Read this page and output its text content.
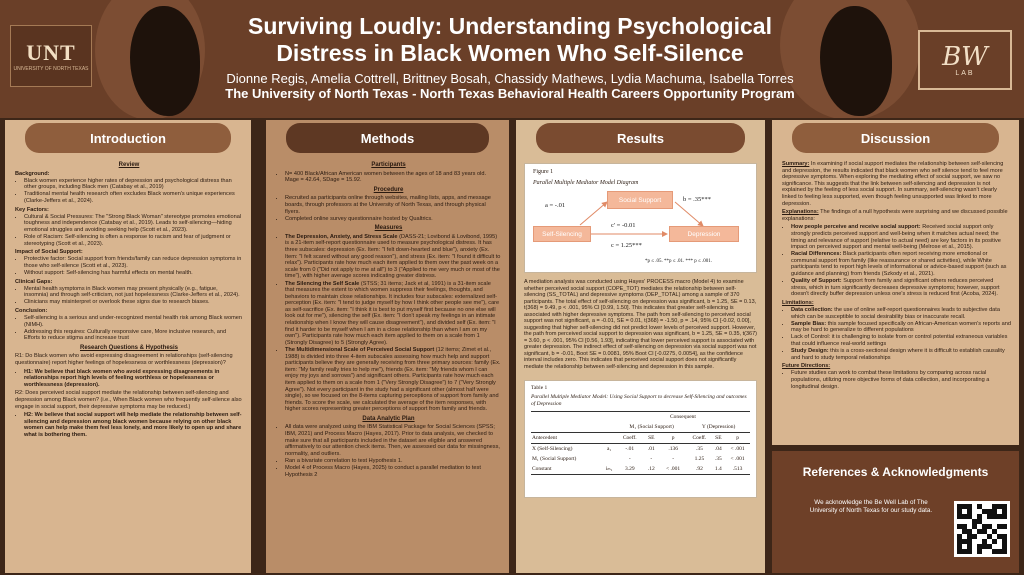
UNT
UNIVERSITY OF NORTH TEXAS	BW
LAB
Surviving Loudly: Understanding Psychological Distress in Black Women Who Self-Silence
Dionne Regis, Amelia Cottrell, Brittney Bosah, Chassidy Mathews, Lydia Machuma, Isabella Torres
The University of North Texas - North Texas Behavioral Health Careers Opportunity Program
Introduction
Review
Background:
• Black women experience higher rates of depression and psychological distress than other groups, including Black men (Catabay et al., 2019)
• Traditional mental health research often excludes Black women's unique experiences (Clarke-Jeffers et al., 2024).
Key Factors:
• Cultural & Social Pressures: The "Strong Black Woman" stereotype promotes emotional toughness and independence (Catabay et al., 2019). Leads to self-silencing—hiding emotional struggles and avoiding seeking help (Scott et al., 2023).
• Role of Racism: Self-silencing is often a response to racism and fear of judgment or stereotyping (Scott et al., 2023).
Impact of Social Support:
• Protective factor: Social support from friends/family can reduce depression symptoms in those who self-silence (Scott et al., 2023).
• Without support: Self-silencing has harmful effects on mental health.
Clinical Gaps:
• Mental health symptoms in Black women may present physically (e.g., fatigue, insomnia) and through self-criticism, not just hopelessness (Clarke-Jeffers et al., 2024).
• Clinicians may misinterpret or overlook these signs due to research biases.
Conclusion:
• Self-silencing is a serious and under-recognized mental health risk among Black women (NIMH).
• Addressing this requires: Culturally responsive care, More inclusive research, and Efforts to reduce stigma and increase trust
Research Questions & Hypothesis

R1: Do Black women who avoid expressing disagreement in relationships (self-silencing questionnaire) report higher feelings of hopelessness or worthlessness (depression)?

• H1: We believe that black women who avoid expressing disagreements in relationships report high levels of feeling worthless or hopelessness or worthlessness (depression).

R2: Does perceived social support mediate the relationship between self-silencing and depression among Black women? (i.e., When Black women who frequently self-silence also engage in social support, their depressive symptoms may be reduced.)

• H2: We believe that social support will help mediate the relationship between self-silencing and depression among black women because relying on other black women can help make them feel less lonely, and more likely to open up and share what is bothering them.
Methods
Participants
• N= 400 Black/African American women between the ages of 18 and 83 years old. Mage = 42.64, SDage = 15.92.
Procedure
• Recruited as participants online through websites, mailing lists, apps, and message boards, through professors at the University of North Texas, and through physical flyers.
• Completed online survey questionnaire hosted by Qualtrics.
Measures
• The Depression, Anxiety, and Stress Scale (DASS-21; Lovibond & Lovibond, 1995) is a 21-item self-report questionnaire used to measure psychological distress. It has three subscales: depression (Ex. Item: "I felt down-hearted and blue"), anxiety (Ex. Item: "I felt scared without any good reason"), and stress (Ex. item: "I found it difficult to relax"). Participants rate how much each item applied to them over the past week on a scale from 0 ("Did not apply to me at all") to 3 ("Applied to me very much or most of the time"), with higher average scores indicating greater distress.
• The Silencing the Self Scale (STSS; 31 items; Jack et al, 1991) is a 31-item scale that measures the extent to which women suppress their feelings, thoughts, and behaviors to maintain close relationships. It includes four subscales: externalized self-perception (Ex. item: "I tend to judge myself by how I think other people see me"), care as self-sacrifice (Ex. item: "I think it is best to put myself first because no one else will look out for me"), silencing the self (Ex. item: "I don't speak my feelings in an intimate relationship when I know they will cause disagreement"), and divided self (Ex. item: "I find it harder to be myself when I am in a close relationship than when I am on my own"). Participants rate how much each item applied to them on a scale from 1 (Strongly Disagree) to 5 (Strongly Agree).
• The Multidimensional Scale of Perceived Social Support (12 items; Zimet et al., 1988) is divided into three 4-item subscales assessing how much help and support participants believe they are generally receiving from three primary sources: family (Ex. item: "My family really tries to help me"), friends (Ex. item: "My friends whom I can enjoy my joys and sorrows") and significant others. Participants rate how much each item applied to them on a scale from 1 ("Very Strongly Disagree") to 7 ("Very Strongly Agree"). Not every participant in the study had a significant other (almost half were single), so we focused on the 8-items capturing perceptions of support from family and friends. To score the scale, we calculated the average of the item responses, with higher scores representing greater perceptions of support from family and friends.
Data Analytic Plan
• All data were analyzed using the IBM Statistical Package for Social Sciences (SPSS; IBM, 2021) and Process Macro (Hayes, 2017). Prior to data analysis, we checked to make sure that all participants included in the dataset are eligible and answered affirmatively to our attention check items. Then, we assessed our data for missingness, normality, and outliers.
• Ran a bivariate correlation to test Hypothesis 1.
• Model 4 of Process Macro (Hayes, 2025) to conduct a parallel mediation to test Hypothesis 2
Results
Figure 1
Parallel Multiple Mediator Model Diagram
Social Support
Self-Silencing	Depression
a = -.01
b = .35***
c' = -0.01
c = 1.25***
*p ≤ .05. **p ≤ .01. *** p ≤ .001.
A mediation analysis was conducted using Hayes' PROCESS macro (Model 4) to examine whether perceived social support (COPE_TOT) mediates the relationship between self-silencing (SS_TOTAL) and depressive symptoms (DEP_TOTAL) among a sample of 370 participants. The total effect of self-silencing on depression was significant, b = 1.25, SE = 0.13, t(368) = 9.49, p < .001, 95% CI [0.99, 1.50]. This indicates that greater self-silencing is associated with higher depressive symptoms. The path from self-silencing to perceived social support was not significant, a = -0.01, SE = 0.01, t(368) = -1.50, p = .14, 95% CI [-0.02, 0.00], suggesting that higher self-silencing did not predict lower levels of perceived support. However, the path from perceived social support to depression was significant, b = 1.25, SE = 0.35, t(367) = 3.60, p < .001, 95% CI [0.56, 1.93], indicating that lower perceived support is associated with greater depression. The indirect effect of self-silencing on depression via social support was not significant, b = -0.01, Boot SE = 0.0081, 95% Boot CI [-0.0275, 0.0054], as the confidence interval includes zero. This indicates that perceived social support does not significantly mediate the relationship between self-silencing and depression in this sample.
Table 1
Parallel Multiple Mediator Model: Using Social Support to decrease Self-Silencing and outcomes of Depression
		Consequent					
		M₁ (Social Support)			Y (Depression)		
Antecedent		Coeff.	SE	p	Coeff.	SE	p
X (Self-Silencing)	a₁	-.01	.01	.136	.35	.04	< .001
M₁ (Social Support)		-	-	-	1.25	.35	< .001
Constant	iₘ₁	3.29	.12	< .001	.92	1.4	.513
Discussion

Summary: In examining if social support mediates the relationship between self-silencing and depression, the results indicated that black women who self silence tend to feel more depressive symptoms. When exploring the mediating effect of social support, we saw no significance. This suggests that the link between self-silencing and depression is not explained by the feeling of less social support. In summary, self-silencing wasn't clearly linked to feeling less supported, even though feeling unsupported was linked to more depression.

Explanations: The findings of a null hypothesis were surprising and we discussed possible explanations:

• How people perceive and receive social support: Received social support only strongly predicts perceived support and well-being when it matches actual need; the timing and relevance of support (relative to actual need) are key factors in its positive impact on perceived support and mental well-being (Melrose et al., 2015).
• Racial Differences: Black participants often report receiving more emotional or communal support from family (like reassurance or shared activities), while White participants tend to report high levels of informational or advice-based support (such as guidance and planning) from friends (Szkody et al., 2021).
• Quality of Support: Support from family and significant others reduces perceived stress, which in turn significantly decreases depressive symptoms; however, support doesn't directly buffer depression unless one's stress is reduced first (Acoba, 2024).
Limitations:
• Data collection: the use of online self-report questionnaires leads to subjective data which can be susceptible to social desirability bias or inaccurate recall.
• Sample Bias: this sample focused specifically on African-American women's reports and may be hard to generalize to different populations
• Lack of Control: it is challenging to isolate from or control potential extraneous variables that could influence real-world settings
• Study Design: this is a cross-sectional design where it is difficult to establish causality and hard to study temporal relationships
Future Directions:
• Future studies can work to combat these limitations by comparing across racial populations, utilizing more objective forms of data collection, and incorporating a longitudinal design.
References & Acknowledgments
We acknowledge the Be Well Lab of The University of North Texas for our study data.
